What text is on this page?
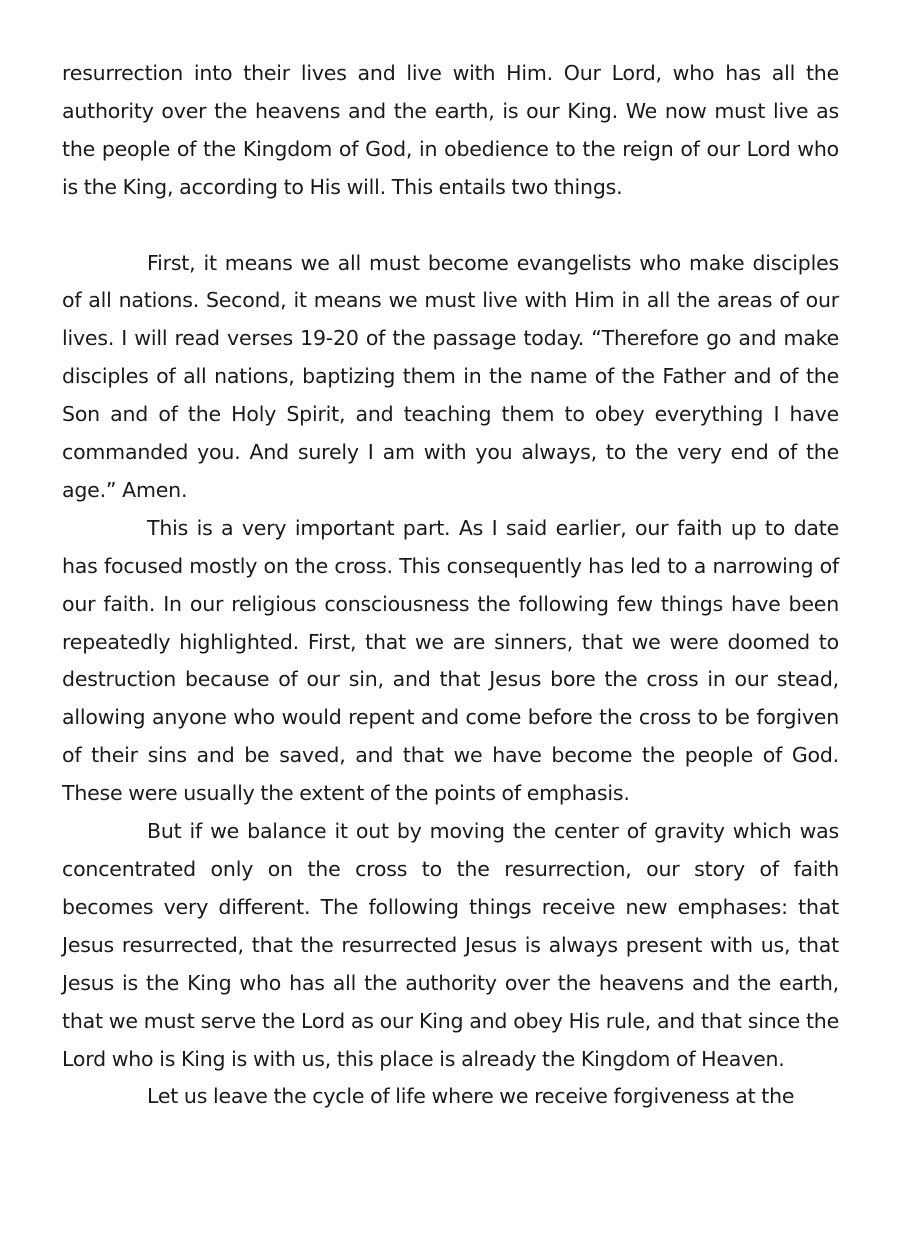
resurrection into their lives and live with Him. Our Lord, who has all the authority over the heavens and the earth, is our King. We now must live as the people of the Kingdom of God, in obedience to the reign of our Lord who is the King, according to His will. This entails two things.

First, it means we all must become evangelists who make disciples of all nations. Second, it means we must live with Him in all the areas of our lives. I will read verses 19-20 of the passage today. “Therefore go and make disciples of all nations, baptizing them in the name of the Father and of the Son and of the Holy Spirit, and teaching them to obey everything I have commanded you. And surely I am with you always, to the very end of the age.” Amen.

This is a very important part. As I said earlier, our faith up to date has focused mostly on the cross. This consequently has led to a narrowing of our faith. In our religious consciousness the following few things have been repeatedly highlighted. First, that we are sinners, that we were doomed to destruction because of our sin, and that Jesus bore the cross in our stead, allowing anyone who would repent and come before the cross to be forgiven of their sins and be saved, and that we have become the people of God. These were usually the extent of the points of emphasis.

But if we balance it out by moving the center of gravity which was concentrated only on the cross to the resurrection, our story of faith becomes very different. The following things receive new emphases: that Jesus resurrected, that the resurrected Jesus is always present with us, that Jesus is the King who has all the authority over the heavens and the earth, that we must serve the Lord as our King and obey His rule, and that since the Lord who is King is with us, this place is already the Kingdom of Heaven.

Let us leave the cycle of life where we receive forgiveness at the
